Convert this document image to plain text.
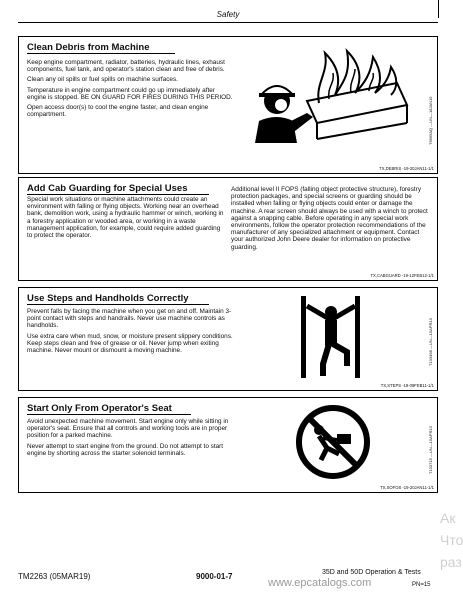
Safety
Clean Debris from Machine

Keep engine compartment, radiator, batteries, hydraulic lines, exhaust components, fuel tank, and operator's station clean and free of debris.

Clean any oil spills or fuel spills on machine surfaces.

Temperature in engine compartment could go up immediately after engine is stopped. BE ON GUARD FOR FIRES DURING THIS PERIOD.

Open access door(s) to cool the engine faster, and clean engine compartment.	T6669AQ —UN—18JAN15
TX,DEBRIS -19-20JAN11-1/1
Add Cab Guarding for Special Uses
Special work situations or machine attachments could create an environment with falling or flying objects. Working near an overhead bank, demolition work, using a hydraulic hammer or winch, working in a forestry application or wooded area, or working in a waste management application, for example, could require added guarding to protect the operator.
Additional level II FOPS (falling object protective structure), forestry protection packages, and special screens or guarding should be installed when falling or flying objects could enter or damage the machine. A rear screen should always be used with a winch to protect against a snapping cable. Before operating in any special work environments, follow the operator protection recommendations of the manufacturer of any specialized attachment or equipment. Contact your authorized John Deere dealer for information on protective guarding.
TX,CABGUARD -19-12FEB12-1/1
Use Steps and Handholds Correctly

Prevent falls by facing the machine when you get on and off. Maintain 3-point contact with steps and handrails. Never use machine controls as handholds.

Use extra care when mud, snow, or moisture present slippery conditions. Keep steps clean and free of grease or oil. Never jump when exiting machine. Never mount or dismount a moving machine.	T133468 —UN—15APR13
TX,STEPS -19-09FEB11-1/1
Start Only From Operator's Seat

Avoid unexpected machine movement. Start engine only while sitting in operator's seat. Ensure that all controls and working tools are in proper position for a parked machine.

Never attempt to start engine from the ground. Do not attempt to start engine by shorting across the starter solenoid terminals.	T133715 —UN—15APR13
TX,SOFOS -19-20JAN11-1/1
Ак
Что
раз
TM2263 (05MAR19)	9000-01-7	35D and 50D Operation & Tests
PN=15
www.epcatalogs.com
